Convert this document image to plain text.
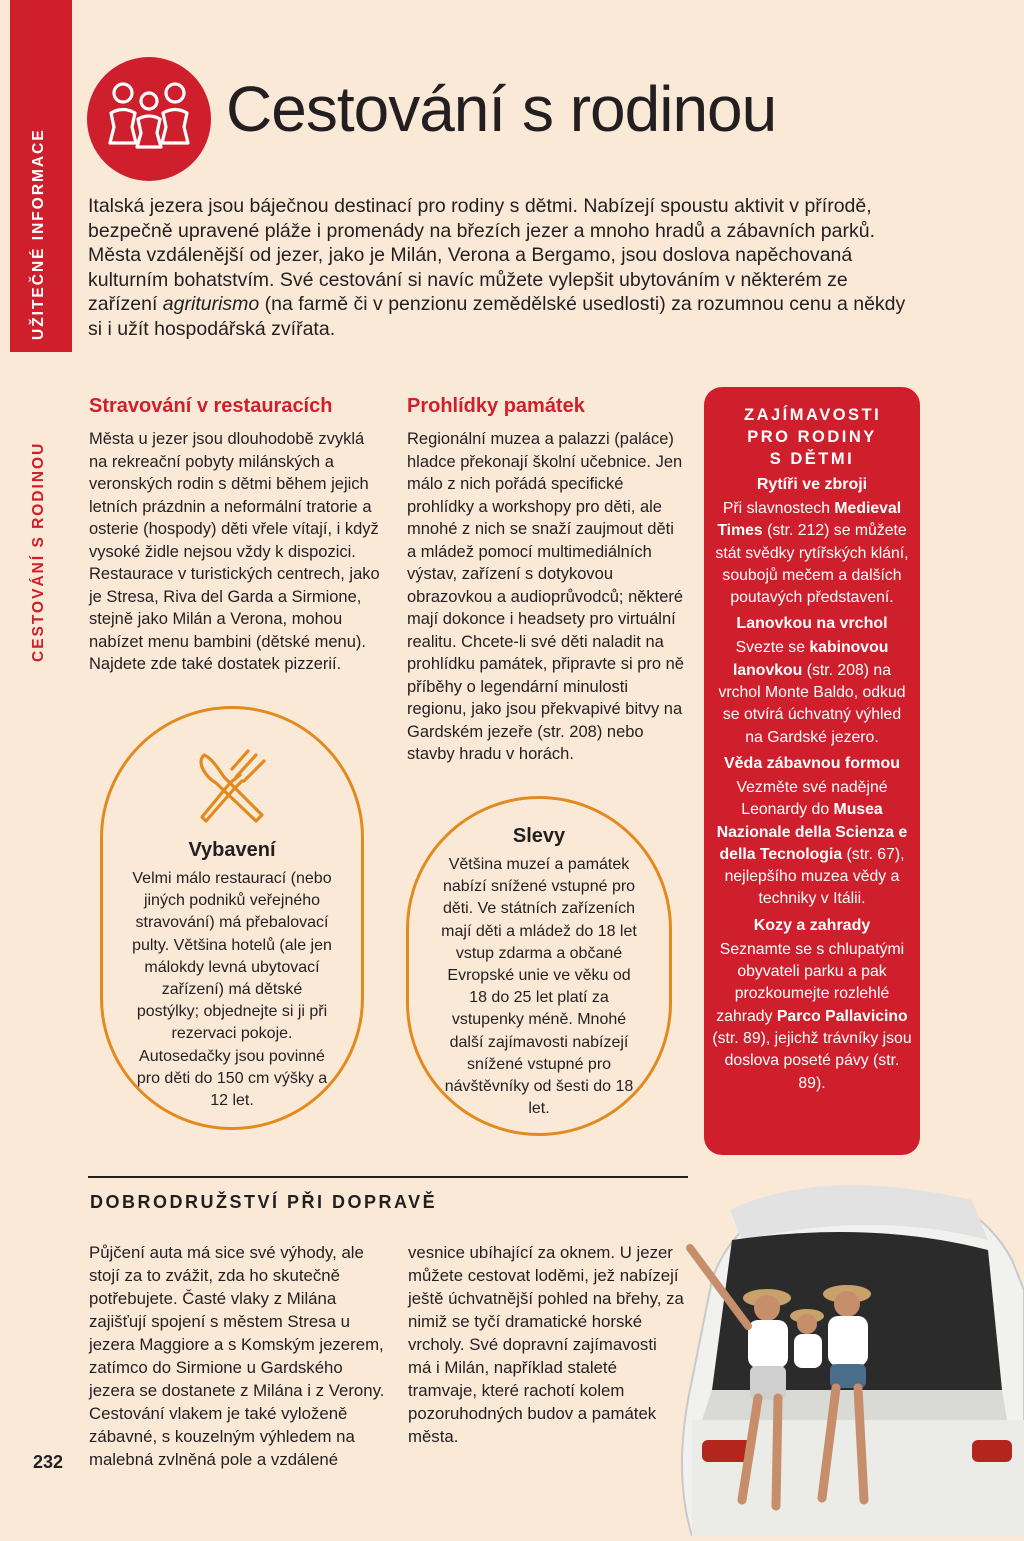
UŽITEČNÉ INFORMACE
CESTOVÁNÍ S RODINOU
Cestování s rodinou

Italská jezera jsou báječnou destinací pro rodiny s dětmi. Nabízejí spoustu aktivit v přírodě, bezpečně upravené pláže i promenády na březích jezer a mnoho hradů a zábavních parků. Města vzdálenější od jezer, jako je Milán, Verona a Bergamo, jsou doslova napěchovaná kulturním bohatstvím. Své cestování si navíc můžete vylepšit ubytováním v některém ze zařízení agriturismo (na farmě či v penzionu zemědělské usedlosti) za rozumnou cenu a někdy si i užít hospodářská zvířata.

Stravování v restauracích

Města u jezer jsou dlouhodobě zvyklá na rekreační pobyty milánských a veronských rodin s dětmi během jejich letních prázdnin a neformální tratorie a osterie (hospody) děti vřele vítají, i když vysoké židle nejsou vždy k dispozici. Restaurace v turistických centrech, jako je Stresa, Riva del Garda a Sirmione, stejně jako Milán a Verona, mohou nabízet menu bambini (dětské menu). Najdete zde také dostatek pizzerií.

Prohlídky památek

Regionální muzea a palazzi (paláce) hladce překonají školní učebnice. Jen málo z nich pořádá specifické prohlídky a workshopy pro děti, ale mnohé z nich se snaží zaujmout děti a mládež pomocí multimediálních výstav, zařízení s dotykovou obrazovkou a audioprůvodců; některé mají dokonce i headsety pro virtuální realitu. Chcete-li své děti naladit na prohlídku památek, připravte si pro ně příběhy o legendární minulosti regionu, jako jsou překvapivé bitvy na Gardském jezeře (str. 208) nebo stavby hradu v horách.

ZAJÍMAVOSTI PRO RODINY S DĚTMI
Rytíři ve zbroji
Při slavnostech Medieval Times (str. 212) se můžete stát svědky rytířských klání, soubojů mečem a dalších poutavých představení.
Lanovkou na vrchol
Svezte se kabinovou lanovkou (str. 208) na vrchol Monte Baldo, odkud se otvírá úchvatný výhled na Gardské jezero.
Věda zábavnou formou
Vezměte své nadějné Leonardy do Musea Nazionale della Scienza e della Tecnologia (str. 67), nejlepšího muzea vědy a techniky v Itálii.
Kozy a zahrady
Seznamte se s chlupatými obyvateli parku a pak prozkoumejte rozlehlé zahrady Parco Pallavicino (str. 89), jejichž trávníky jsou doslova poseté pávy (str. 89).
Vybavení
Velmi málo restaurací (nebo jiných podniků veřejného stravování) má přebalovací pulty. Většina hotelů (ale jen málokdy levná ubytovací zařízení) má dětské postýlky; objednejte si ji při rezervaci pokoje. Autosedačky jsou povinné pro děti do 150 cm výšky a 12 let.
Slevy
Většina muzeí a památek nabízí snížené vstupné pro děti. Ve státních zařízeních mají děti a mládež do 18 let vstup zdarma a občané Evropské unie ve věku od 18 do 25 let platí za vstupenky méně. Mnohé další zajímavosti nabízejí snížené vstupné pro návštěvníky od šesti do 18 let.
DOBRODRUŽSTVÍ PŘI DOPRAVĚ

Půjčení auta má sice své výhody, ale stojí za to zvážit, zda ho skutečně potřebujete. Časté vlaky z Milána zajišťují spojení s městem Stresa u jezera Maggiore a s Komským jezerem, zatímco do Sirmione u Gardského jezera se dostanete z Milána i z Verony. Cestování vlakem je také vyloženě zábavné, s kouzelným výhledem na malebná zvlněná pole a vzdálené

vesnice ubíhající za oknem. U jezer můžete cestovat loděmi, jež nabízejí ještě úchvatnější pohled na břehy, za nimiž se tyčí dramatické horské vrcholy. Své dopravní zajímavosti má i Milán, například staleté tramvaje, které rachotí kolem pozoruhodných budov a památek města.

232
